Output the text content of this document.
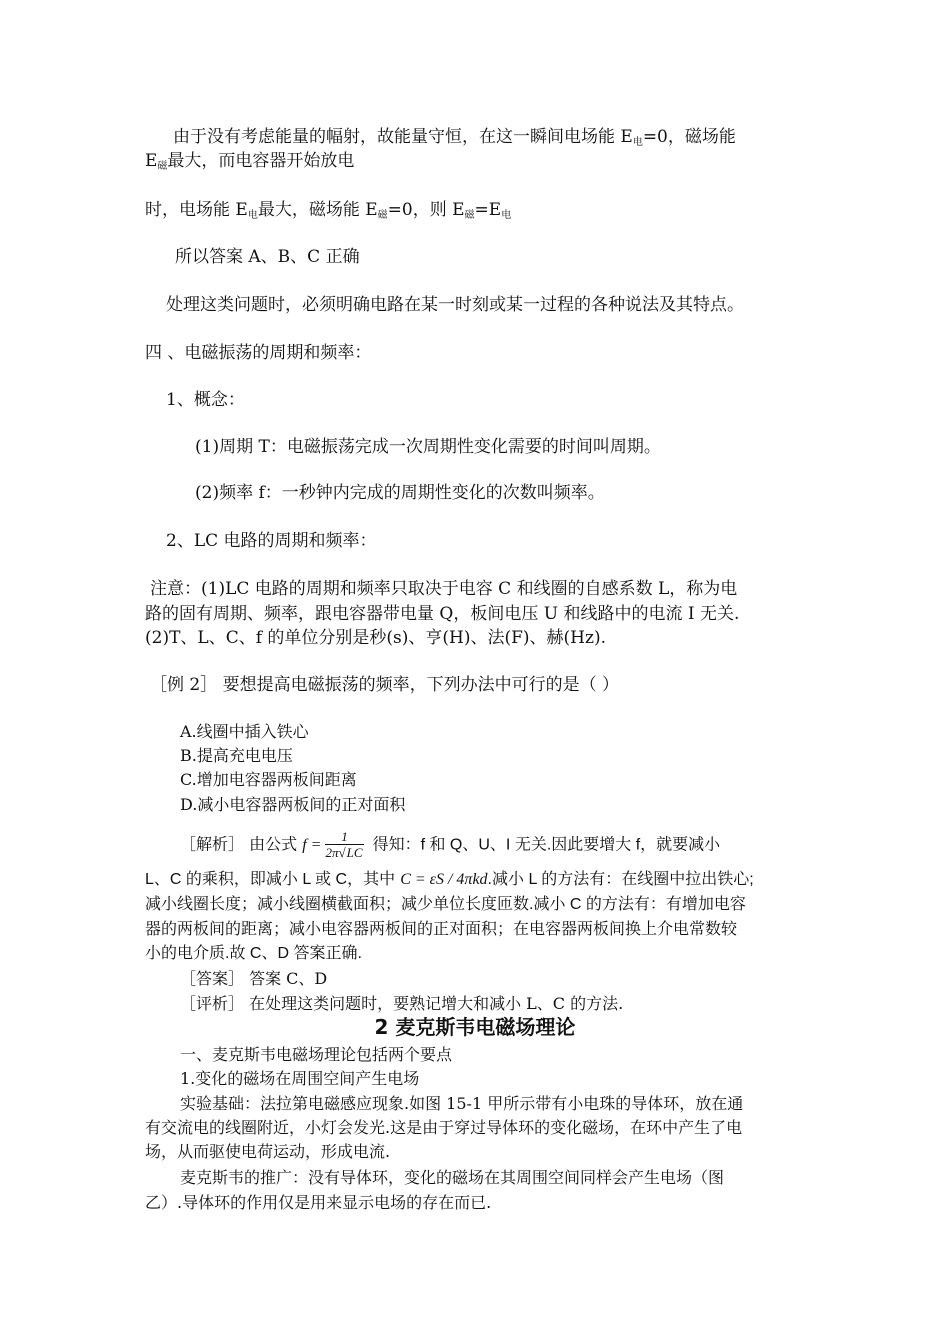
由于没有考虑能量的幅射，故能量守恒，在这一瞬间电场能 $E_电=0$，磁场能
$E_磁$最大，而电容器开始放电
时，电场能 $E_电$最大，磁场能 $E_磁=0$，则 $E_磁=E_电$
所以答案 A、B、C 正确
处理这类问题时，必须明确电路在某一时刻或某一过程的各种说法及其特点。
四 、电磁振荡的周期和频率：
1、概念：
(1)周期 T：电磁振荡完成一次周期性变化需要的时间叫周期。
(2)频率 f：一秒钟内完成的周期性变化的次数叫频率。
2、LC 电路的周期和频率：
注意：(1)LC 电路的周期和频率只取决于电容 C 和线圈的自感系数 L，称为电
路的固有周期、频率，跟电容器带电量 Q，板间电压 U 和线路中的电流 I 无关.
(2)T、L、C、f 的单位分别是秒(s)、亨(H)、法(F)、赫(Hz).
［例 2］ 要想提高电磁振荡的频率，下列办法中可行的是（ ）
A.线圈中插入铁心
B.提高充电电压
C.增加电容器两板间距离
D.减小电容器两板间的正对面积
［解析］ 由公式 $f = \frac{1}{2\pi√LC}$ 得知：f 和 Q、U、I 无关.因此要增大 f，就要减小
L、C 的乘积，即减小 L 或 C，其中 C = εS / 4πkd.减小 L 的方法有：在线圈中拉出铁心;
减小线圈长度；减小线圈横截面积；减少单位长度匝数.减小 C 的方法有：有增加电容
器的两板间的距离；减小电容器两板间的正对面积；在电容器两板间换上介电常数较
小的电介质.故 C、D 答案正确.
［答案］ 答案 C、D
［评析］ 在处理这类问题时，要熟记增大和减小 L、C 的方法.
2 麦克斯韦电磁场理论
一、麦克斯韦电磁场理论包括两个要点
1.变化的磁场在周围空间产生电场
实验基础：法拉第电磁感应现象.如图 15-1 甲所示带有小电珠的导体环，放在通
有交流电的线圈附近，小灯会发光.这是由于穿过导体环的变化磁场，在环中产生了电
场，从而驱使电荷运动，形成电流.
麦克斯韦的推广：没有导体环，变化的磁场在其周围空间同样会产生电场（图
乙）.导体环的作用仅是用来显示电场的存在而已.
